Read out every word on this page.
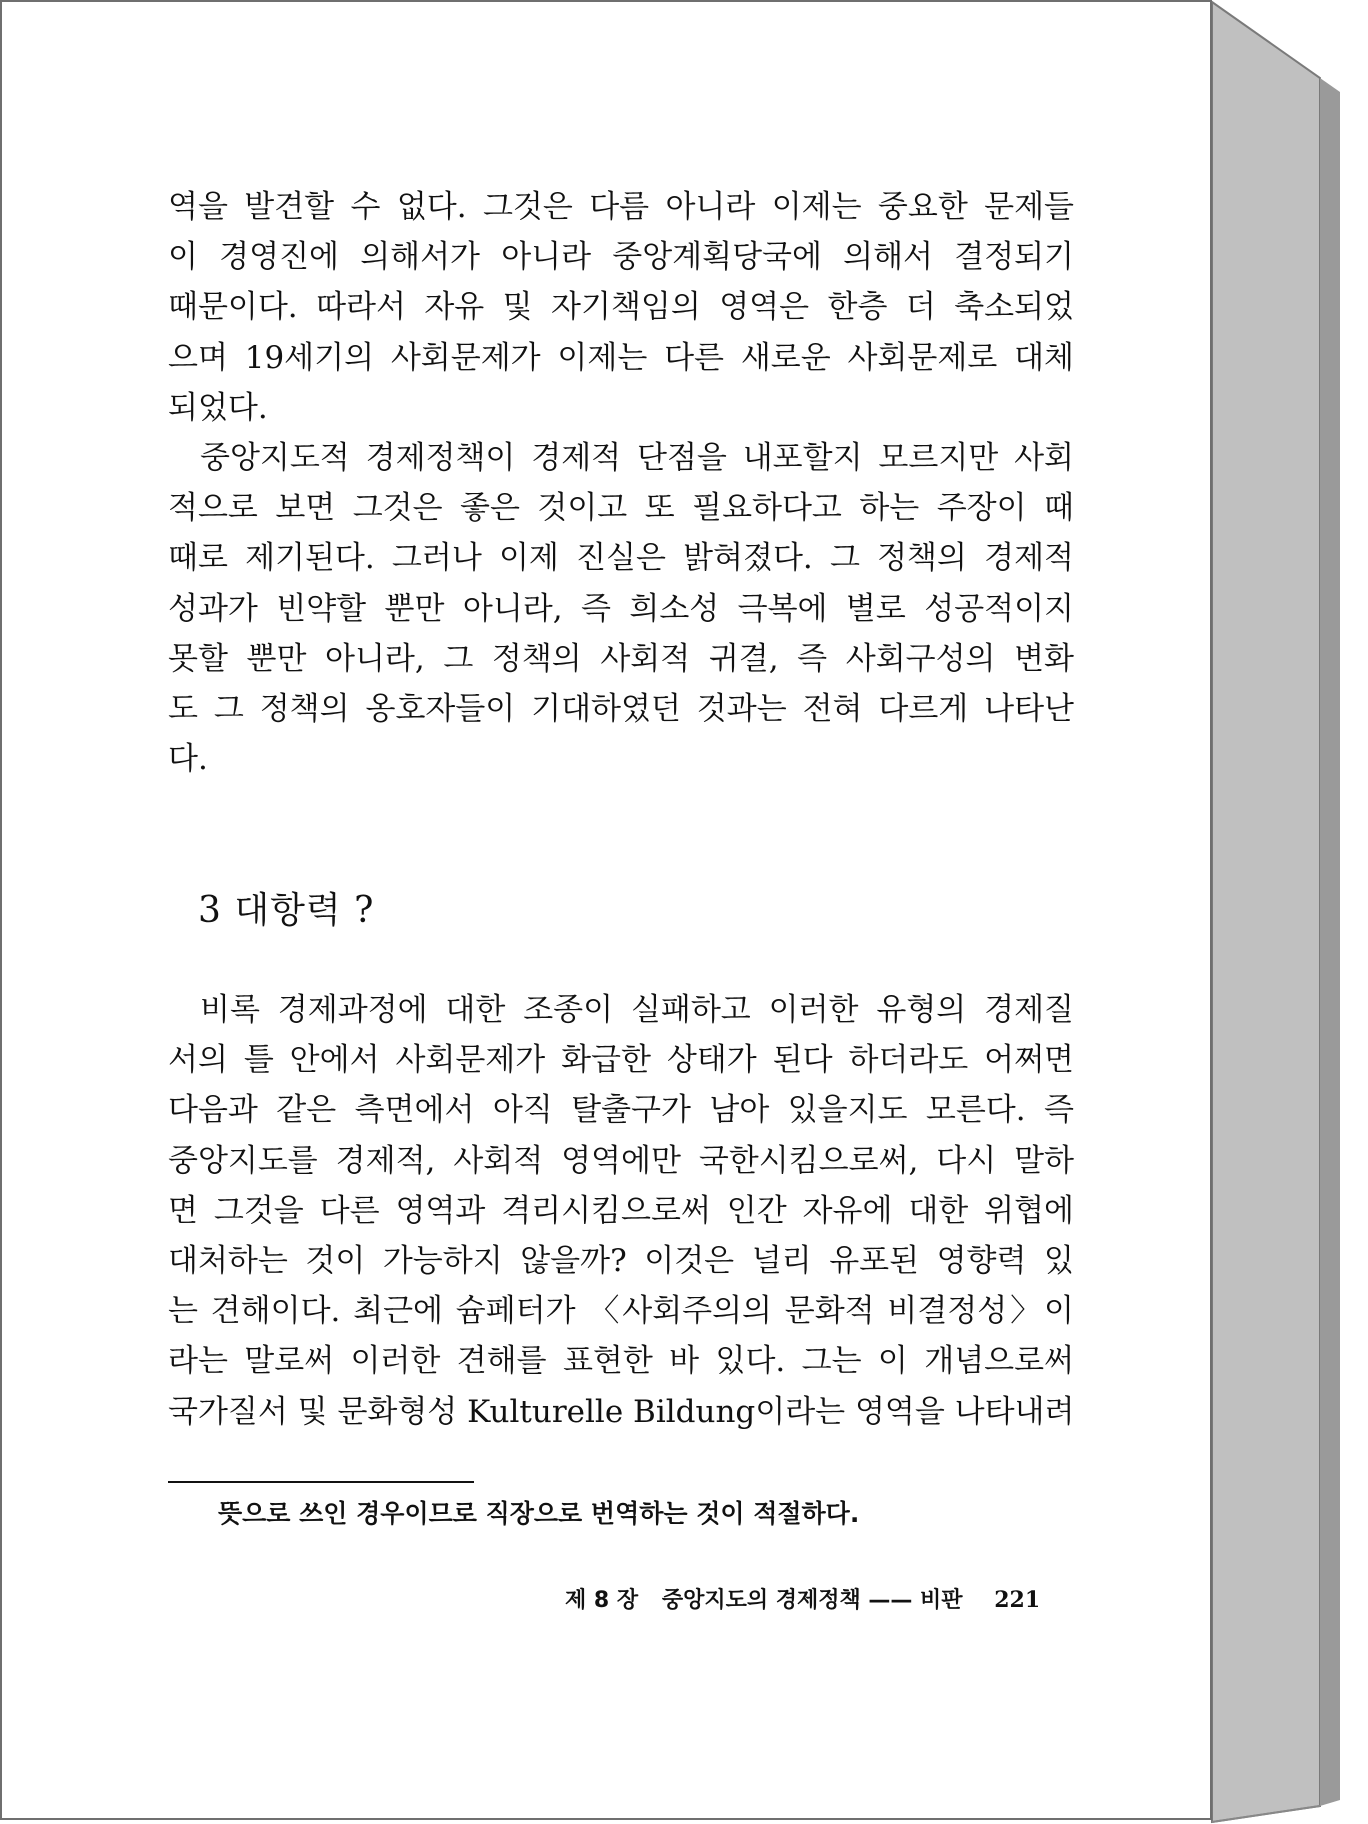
역을 발견할 수 없다. 그것은 다름 아니라 이제는 중요한 문제들
이 경영진에 의해서가 아니라 중앙계획당국에 의해서 결정되기
때문이다. 따라서 자유 및 자기책임의 영역은 한층 더 축소되었
으며 19세기의 사회문제가 이제는 다른 새로운 사회문제로 대체
되었다.
중앙지도적 경제정책이 경제적 단점을 내포할지 모르지만 사회
적으로 보면 그것은 좋은 것이고 또 필요하다고 하는 주장이 때
때로 제기된다. 그러나 이제 진실은 밝혀졌다. 그 정책의 경제적
성과가 빈약할 뿐만 아니라, 즉 희소성 극복에 별로 성공적이지
못할 뿐만 아니라, 그 정책의 사회적 귀결, 즉 사회구성의 변화
도 그 정책의 옹호자들이 기대하였던 것과는 전혀 다르게 나타난
다.
3 대항력 ?
비록 경제과정에 대한 조종이 실패하고 이러한 유형의 경제질
서의 틀 안에서 사회문제가 화급한 상태가 된다 하더라도 어쩌면
다음과 같은 측면에서 아직 탈출구가 남아 있을지도 모른다. 즉
중앙지도를 경제적, 사회적 영역에만 국한시킴으로써, 다시 말하
면 그것을 다른 영역과 격리시킴으로써 인간 자유에 대한 위협에
대처하는 것이 가능하지 않을까? 이것은 널리 유포된 영향력 있
는 견해이다. 최근에 슘페터가 〈사회주의의 문화적 비결정성〉이
라는 말로써 이러한 견해를 표현한 바 있다. 그는 이 개념으로써
국가질서 및 문화형성 Kulturelle Bildung이라는 영역을 나타내려
뜻으로 쓰인 경우이므로 직장으로 번역하는 것이 적절하다.
제 8 장 중앙지도의 경제정책 —— 비판 221
